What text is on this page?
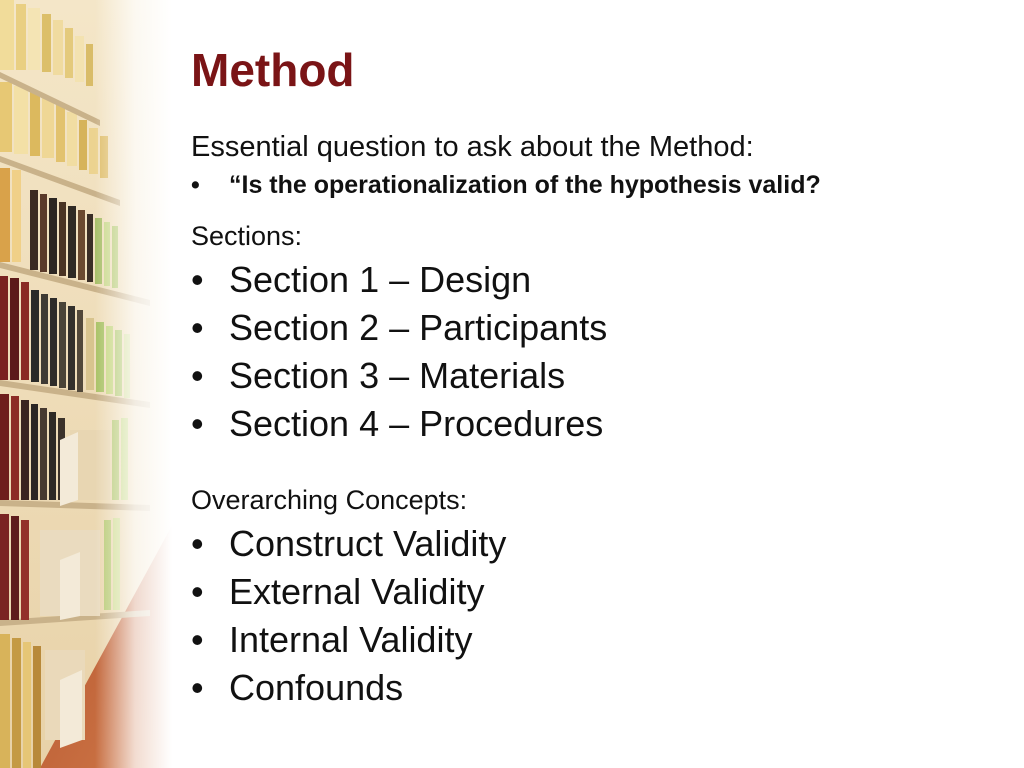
Method
Essential question to ask about the Method:
•	“Is the operationalization of the hypothesis valid?
Sections:
• Section 1 – Design
• Section 2 – Participants
• Section 3 – Materials
• Section 4 – Procedures
Overarching Concepts:
• Construct Validity
• External Validity
• Internal Validity
• Confounds
